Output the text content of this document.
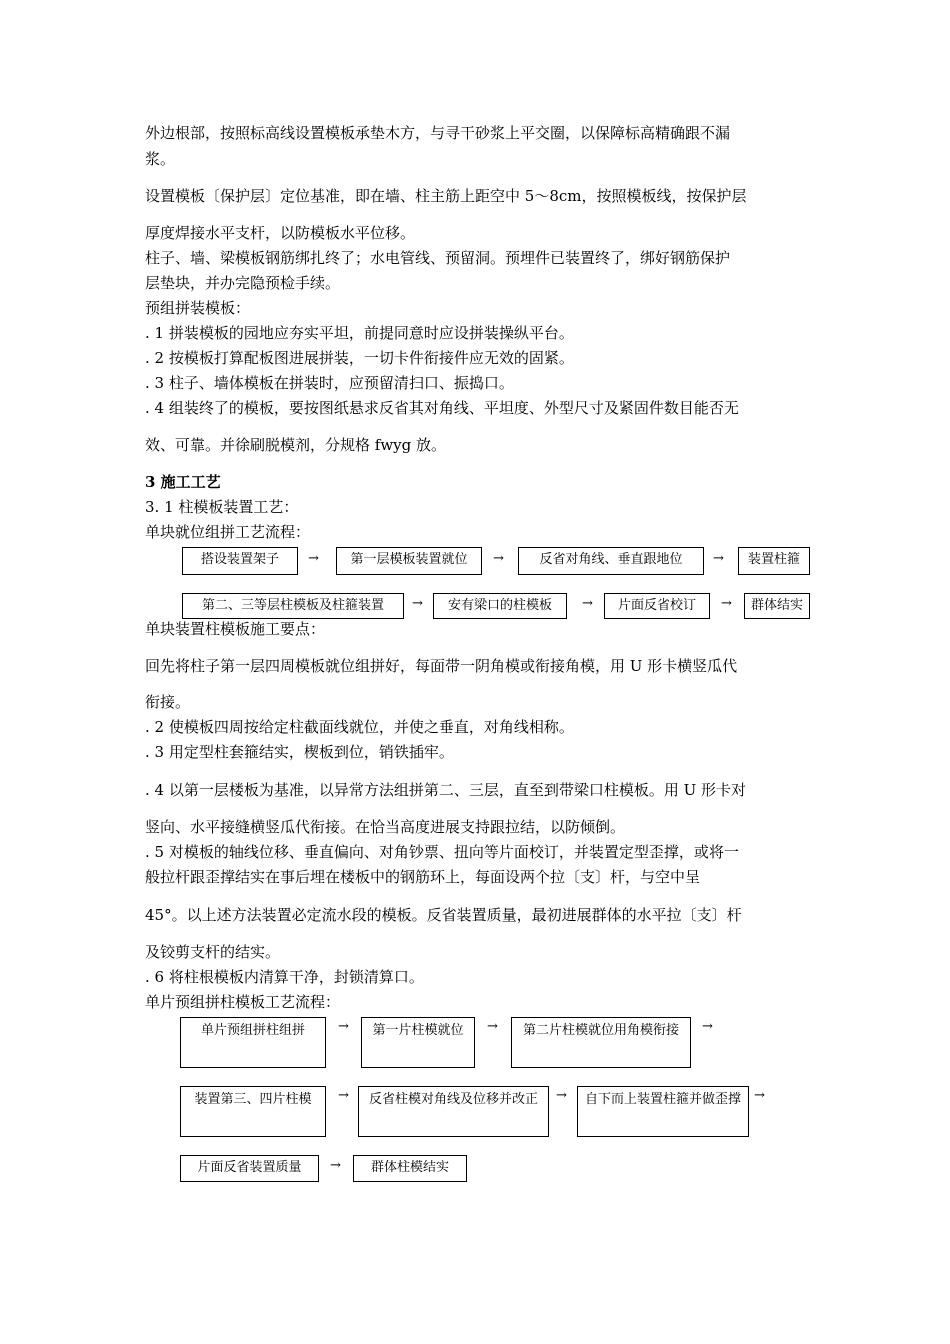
外边根部，按照标高线设置模板承垫木方，与寻干砂浆上平交圈，以保障标高精确跟不漏

浆。

设置模板〔保护层〕定位基准，即在墙、柱主筋上距空中 5～8cm，按照模板线，按保护层

厚度焊接水平支杆，以防模板水平位移。

柱子、墙、梁模板钢筋绑扎终了；水电管线、预留洞。预埋件已装置终了，绑好钢筋保护

层垫块，并办完隐预检手续。

预组拼装模板：

. 1 拼装模板的园地应夯实平坦，前提同意时应设拼装操纵平台。

. 2 按模板打算配板图进展拼装，一切卡件衔接件应无效的固紧。

. 3 柱子、墙体模板在拼装时，应预留清扫口、振捣口。

. 4 组装终了的模板，要按图纸悬求反省其对角线、平坦度、外型尺寸及紧固件数目能否无

效、可靠。并徐刷脱模剂，分规格 fwyg 放。

3 施工工艺

3. 1 柱模板装置工艺：

单块就位组拼工艺流程：

搭设装置架子	→	第一层模板装置就位	→	反省对角线、垂直跟地位	→	装置柱箍
第二、三等层柱模板及柱箍装置	→	安有梁口的柱模板	→	片面反省校订	→	群体结实

单块装置柱模板施工要点：

回先将柱子第一层四周模板就位组拼好，每面带一阴角模或衔接角模，用 U 形卡横竖瓜代

衔接。

. 2 使模板四周按给定柱截面线就位，并使之垂直，对角线相称。

. 3 用定型柱套箍结实，楔板到位，销铁插牢。

. 4 以第一层楼板为基准，以异常方法组拼第二、三层，直至到带梁口柱模板。用 U 形卡对

竖向、水平接缝横竖瓜代衔接。在恰当高度进展支持跟拉结，以防倾倒。

. 5 对模板的轴线位移、垂直偏向、对角钞票、扭向等片面校订，并装置定型歪撑，或将一

般拉杆跟歪撑结实在事后埋在楼板中的钢筋环上，每面设两个拉〔支〕杆，与空中呈

45°。以上述方法装置必定流水段的模板。反省装置质量，最初进展群体的水平拉〔支〕杆

及铰剪支杆的结实。

. 6 将柱根模板内清算干净，封锁清算口。

单片预组拼柱模板工艺流程：

单片预组拼柱组拼	→	第一片柱模就位	→	第二片柱模就位用角模衔接	→
装置第三、四片柱模	→	反省柱模对角线及位移并改正	→	自下而上装置柱箍并做歪撑	→
片面反省装置质量	→	群体柱模结实
